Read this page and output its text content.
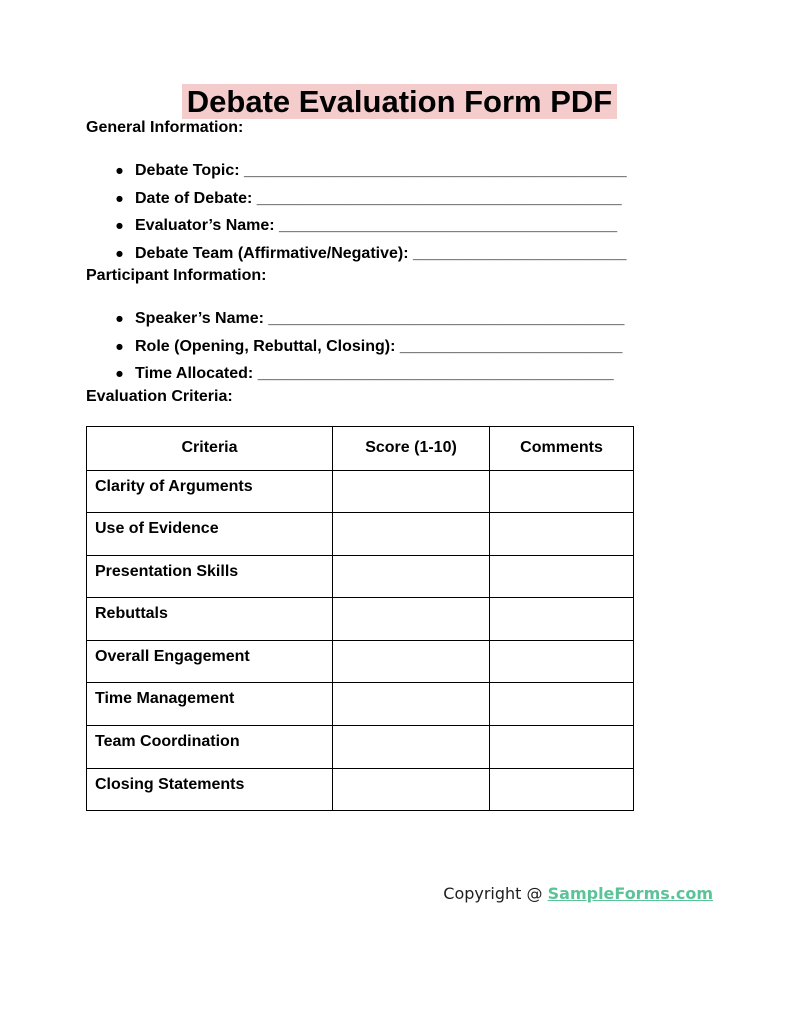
Debate Evaluation Form PDF
General Information:
● Debate Topic: ___________________________________________
● Date of Debate: _________________________________________
● Evaluator’s Name: ______________________________________
● Debate Team (Affirmative/Negative): ________________________
Participant Information:
● Speaker’s Name: ________________________________________
● Role (Opening, Rebuttal, Closing): _________________________
● Time Allocated: ________________________________________
Evaluation Criteria:
Criteria	Score (1-10)	Comments
Clarity of Arguments		
Use of Evidence		
Presentation Skills		
Rebuttals		
Overall Engagement		
Time Management		
Team Coordination		
Closing Statements		
Copyright @ SampleForms.com
